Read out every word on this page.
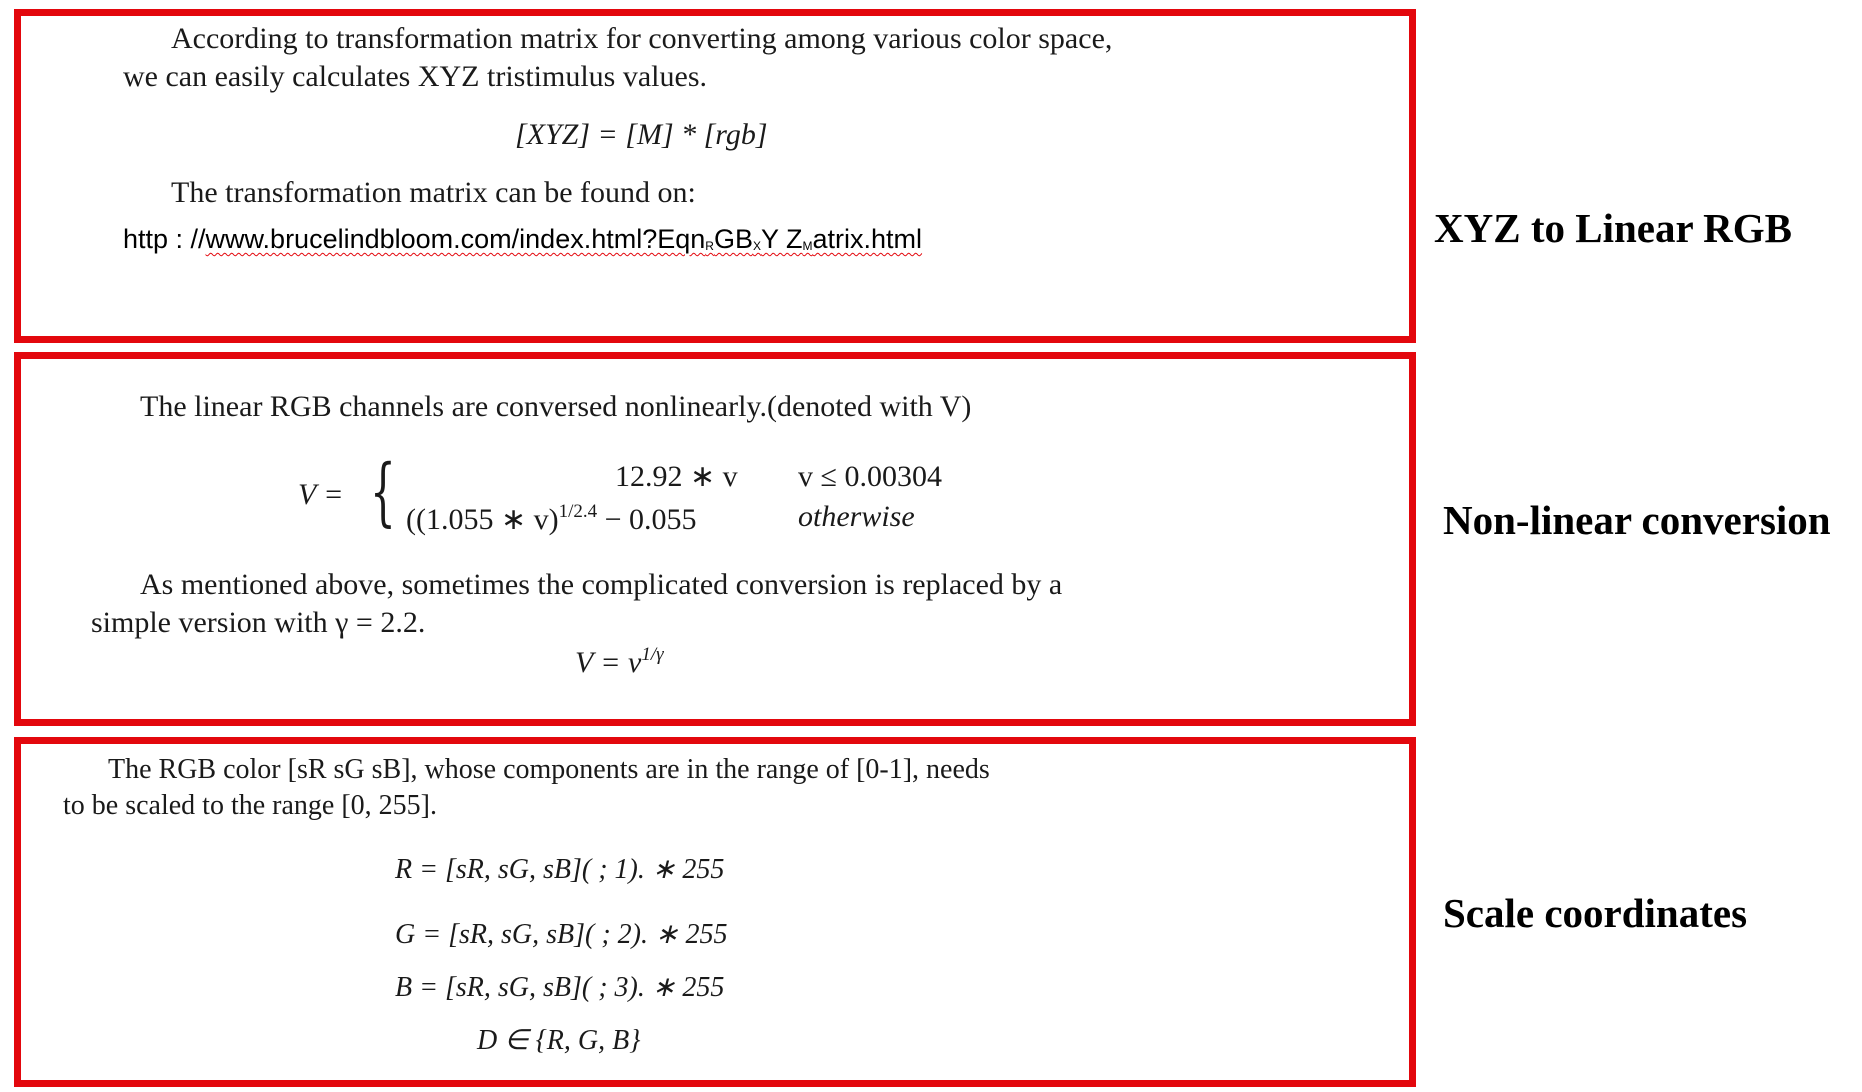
According to transformation matrix for converting among various color space,
we can easily calculates XYZ tristimulus values.
[XYZ] = [M] * [rgb]
The transformation matrix can be found on:
http : $//www.brucelindbloom.com/index.html?Eqn_RGB_XY$ $Z_Matrix.html$	XYZ to Linear RGB
The linear RGB channels are conversed nonlinearly.(denoted with V)
V = {	12.92 ∗ v v ≤ 0.00304
((1.055 ∗ v)$^{1/2.4}$ − 0.055	otherwise
As mentioned above, sometimes the complicated conversion is replaced by a
simple version with γ = 2.2.
$V = v^{1/\gamma}$
Non-linear conversion
The RGB color [sR sG sB], whose components are in the range of [0-1], needs
to be scaled to the range [0, 255].
R = [sR, sG, sB]( ; 1). ∗ 255
G = [sR, sG, sB]( ; 2). ∗ 255
B = [sR, sG, sB]( ; 3). ∗ 255
D ∈ {R, G, B}
Scale coordinates
